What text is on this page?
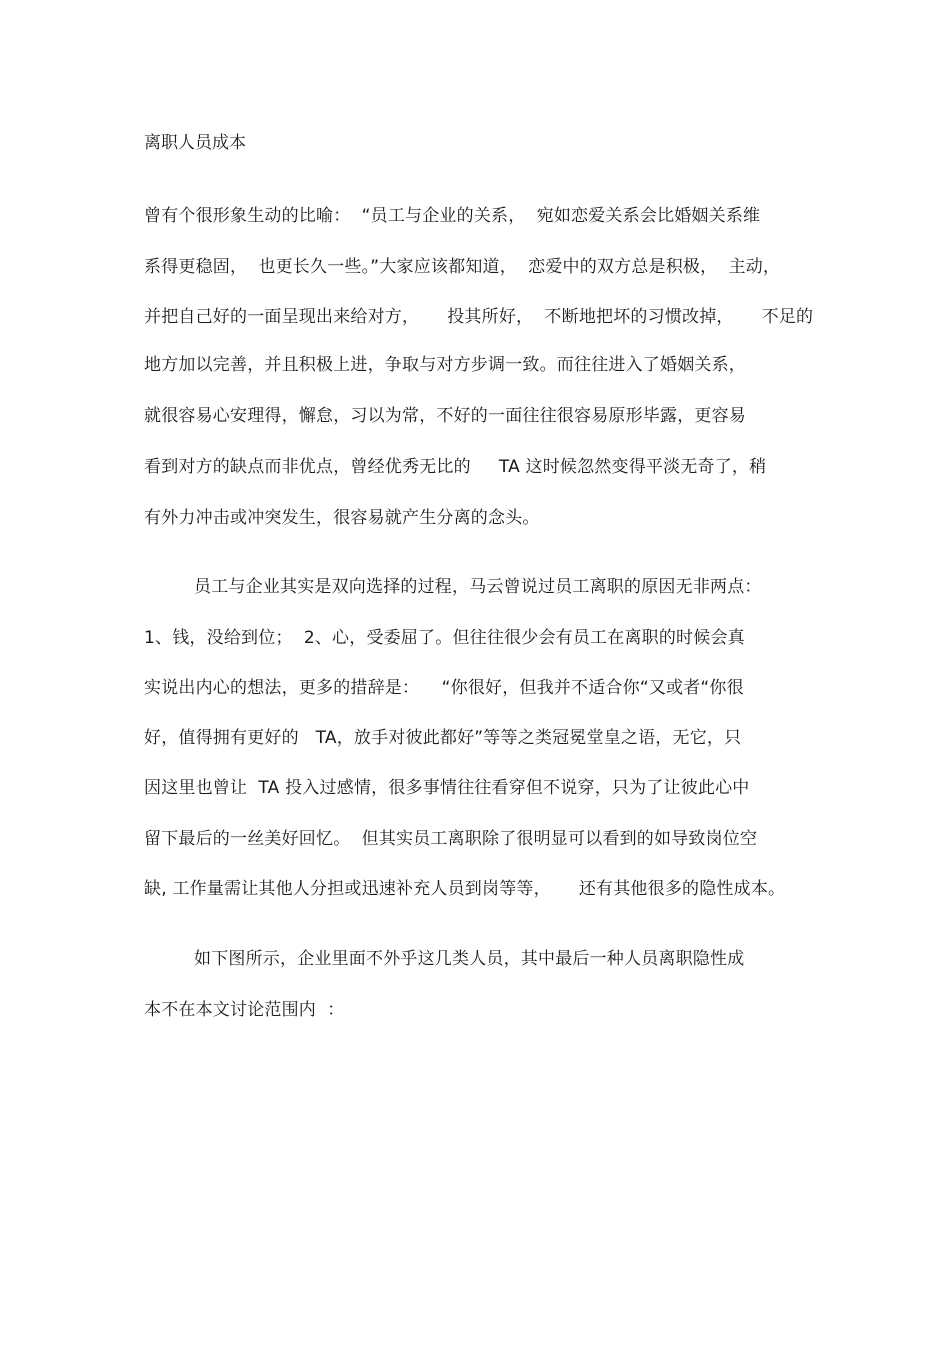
离职人员成本
曾有个很形象生动的比喻：  “员工与企业的关系，  宛如恋爱关系会比婚姻关系维
系得更稳固，  也更长久一些。”大家应该都知道，  恋爱中的双方总是积极，  主动，
并把自己好的一面呈现出来给对方，     投其所好，  不断地把坏的习惯改掉，     不足的
地方加以完善，并且积极上进，争取与对方步调一致。而往往进入了婚姻关系，
就很容易心安理得，懈怠，习以为常，不好的一面往往很容易原形毕露，更容易
看到对方的缺点而非优点，曾经优秀无比的     TA 这时候忽然变得平淡无奇了，稍
有外力冲击或冲突发生，很容易就产生分离的念头。
员工与企业其实是双向选择的过程，马云曾说过员工离职的原因无非两点：
1、钱，没给到位；  2、心，受委屈了。但往往很少会有员工在离职的时候会真
实说出内心的想法，更多的措辞是：    “你很好，但我并不适合你“又或者“你很
好，值得拥有更好的   TA，放手对彼此都好”等等之类冠冕堂皇之语，无它，只
因这里也曾让  TA 投入过感情，很多事情往往看穿但不说穿，只为了让彼此心中
留下最后的一丝美好回忆。  但其实员工离职除了很明显可以看到的如导致岗位空
缺, 工作量需让其他人分担或迅速补充人员到岗等等，     还有其他很多的隐性成本。
如下图所示，企业里面不外乎这几类人员，其中最后一种人员离职隐性成
本不在本文讨论范围内  ：
